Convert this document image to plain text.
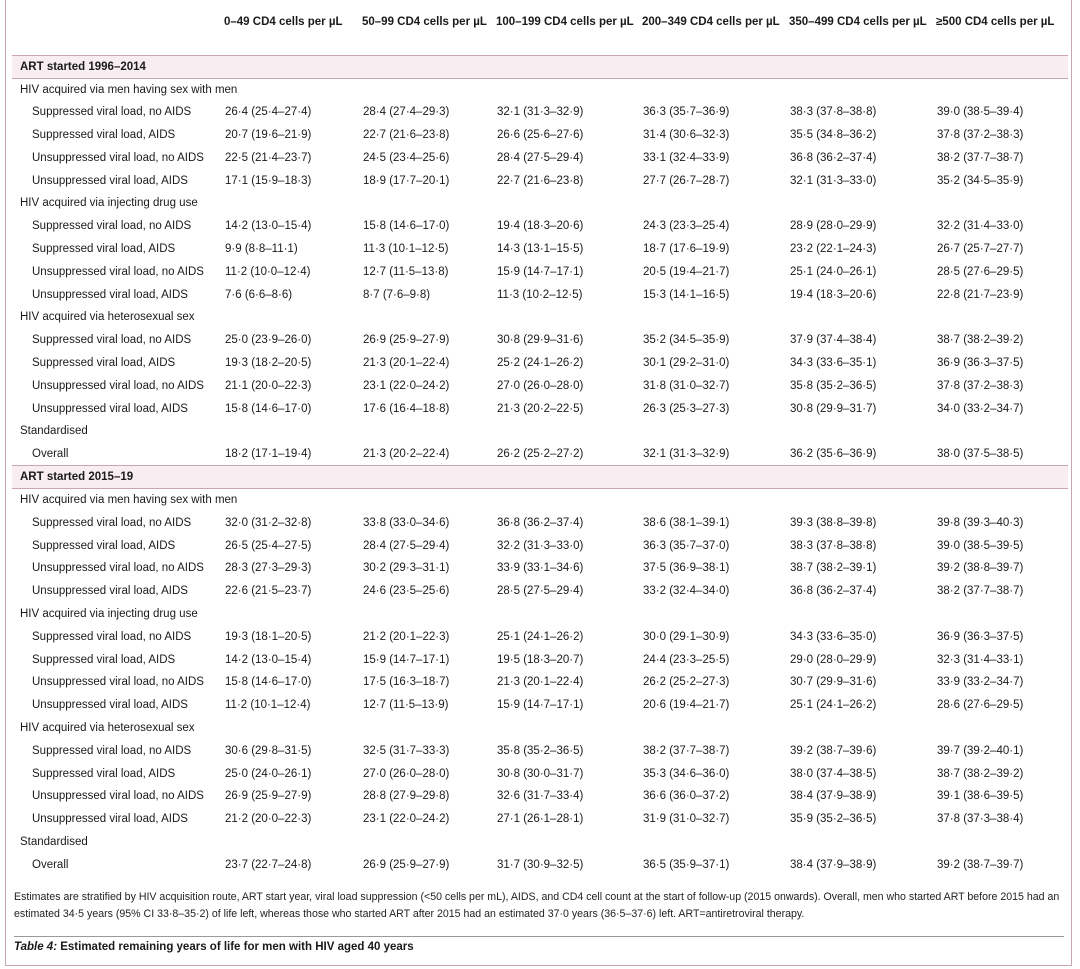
	0–49 CD4 cells per µL	50–99 CD4 cells per µL	100–199 CD4 cells per µL	200–349 CD4 cells per µL	350–499 CD4 cells per µL	≥500 CD4 cells per µL
ART started 1996–2014						
HIV acquired via men having sex with men						
Suppressed viral load, no AIDS	26·4 (25·4–27·4)	28·4 (27·4–29·3)	32·1 (31·3–32·9)	36·3 (35·7–36·9)	38·3 (37·8–38·8)	39·0 (38·5–39·4)
Suppressed viral load, AIDS	20·7 (19·6–21·9)	22·7 (21·6–23·8)	26·6 (25·6–27·6)	31·4 (30·6–32·3)	35·5 (34·8–36·2)	37·8 (37·2–38·3)
Unsuppressed viral load, no AIDS	22·5 (21·4–23·7)	24·5 (23·4–25·6)	28·4 (27·5–29·4)	33·1 (32·4–33·9)	36·8 (36·2–37·4)	38·2 (37·7–38·7)
Unsuppressed viral load, AIDS	17·1 (15·9–18·3)	18·9 (17·7–20·1)	22·7 (21·6–23·8)	27·7 (26·7–28·7)	32·1 (31·3–33·0)	35·2 (34·5–35·9)
HIV acquired via injecting drug use						
Suppressed viral load, no AIDS	14·2 (13·0–15·4)	15·8 (14·6–17·0)	19·4 (18·3–20·6)	24·3 (23·3–25·4)	28·9 (28·0–29·9)	32·2 (31·4–33·0)
Suppressed viral load, AIDS	9·9 (8·8–11·1)	11·3 (10·1–12·5)	14·3 (13·1–15·5)	18·7 (17·6–19·9)	23·2 (22·1–24·3)	26·7 (25·7–27·7)
Unsuppressed viral load, no AIDS	11·2 (10·0–12·4)	12·7 (11·5–13·8)	15·9 (14·7–17·1)	20·5 (19·4–21·7)	25·1 (24·0–26·1)	28·5 (27·6–29·5)
Unsuppressed viral load, AIDS	7·6 (6·6–8·6)	8·7 (7·6–9·8)	11·3 (10·2–12·5)	15·3 (14·1–16·5)	19·4 (18·3–20·6)	22·8 (21·7–23·9)
HIV acquired via heterosexual sex						
Suppressed viral load, no AIDS	25·0 (23·9–26·0)	26·9 (25·9–27·9)	30·8 (29·9–31·6)	35·2 (34·5–35·9)	37·9 (37·4–38·4)	38·7 (38·2–39·2)
Suppressed viral load, AIDS	19·3 (18·2–20·5)	21·3 (20·1–22·4)	25·2 (24·1–26·2)	30·1 (29·2–31·0)	34·3 (33·6–35·1)	36·9 (36·3–37·5)
Unsuppressed viral load, no AIDS	21·1 (20·0–22·3)	23·1 (22·0–24·2)	27·0 (26·0–28·0)	31·8 (31·0–32·7)	35·8 (35·2–36·5)	37·8 (37·2–38·3)
Unsuppressed viral load, AIDS	15·8 (14·6–17·0)	17·6 (16·4–18·8)	21·3 (20·2–22·5)	26·3 (25·3–27·3)	30·8 (29·9–31·7)	34·0 (33·2–34·7)
Standardised						
Overall	18·2 (17·1–19·4)	21·3 (20·2–22·4)	26·2 (25·2–27·2)	32·1 (31·3–32·9)	36·2 (35·6–36·9)	38·0 (37·5–38·5)
ART started 2015–19						
HIV acquired via men having sex with men						
Suppressed viral load, no AIDS	32·0 (31·2–32·8)	33·8 (33·0–34·6)	36·8 (36·2–37·4)	38·6 (38·1–39·1)	39·3 (38·8–39·8)	39·8 (39·3–40·3)
Suppressed viral load, AIDS	26·5 (25·4–27·5)	28·4 (27·5–29·4)	32·2 (31·3–33·0)	36·3 (35·7–37·0)	38·3 (37·8–38·8)	39·0 (38·5–39·5)
Unsuppressed viral load, no AIDS	28·3 (27·3–29·3)	30·2 (29·3–31·1)	33·9 (33·1–34·6)	37·5 (36·9–38·1)	38·7 (38·2–39·1)	39·2 (38·8–39·7)
Unsuppressed viral load, AIDS	22·6 (21·5–23·7)	24·6 (23·5–25·6)	28·5 (27·5–29·4)	33·2 (32·4–34·0)	36·8 (36·2–37·4)	38·2 (37·7–38·7)
HIV acquired via injecting drug use						
Suppressed viral load, no AIDS	19·3 (18·1–20·5)	21·2 (20·1–22·3)	25·1 (24·1–26·2)	30·0 (29·1–30·9)	34·3 (33·6–35·0)	36·9 (36·3–37·5)
Suppressed viral load, AIDS	14·2 (13·0–15·4)	15·9 (14·7–17·1)	19·5 (18·3–20·7)	24·4 (23·3–25·5)	29·0 (28·0–29·9)	32·3 (31·4–33·1)
Unsuppressed viral load, no AIDS	15·8 (14·6–17·0)	17·5 (16·3–18·7)	21·3 (20·1–22·4)	26·2 (25·2–27·3)	30·7 (29·9–31·6)	33·9 (33·2–34·7)
Unsuppressed viral load, AIDS	11·2 (10·1–12·4)	12·7 (11·5–13·9)	15·9 (14·7–17·1)	20·6 (19·4–21·7)	25·1 (24·1–26·2)	28·6 (27·6–29·5)
HIV acquired via heterosexual sex						
Suppressed viral load, no AIDS	30·6 (29·8–31·5)	32·5 (31·7–33·3)	35·8 (35·2–36·5)	38·2 (37·7–38·7)	39·2 (38·7–39·6)	39·7 (39·2–40·1)
Suppressed viral load, AIDS	25·0 (24·0–26·1)	27·0 (26·0–28·0)	30·8 (30·0–31·7)	35·3 (34·6–36·0)	38·0 (37·4–38·5)	38·7 (38·2–39·2)
Unsuppressed viral load, no AIDS	26·9 (25·9–27·9)	28·8 (27·9–29·8)	32·6 (31·7–33·4)	36·6 (36·0–37·2)	38·4 (37·9–38·9)	39·1 (38·6–39·5)
Unsuppressed viral load, AIDS	21·2 (20·0–22·3)	23·1 (22·0–24·2)	27·1 (26·1–28·1)	31·9 (31·0–32·7)	35·9 (35·2–36·5)	37·8 (37·3–38·4)
Standardised						
Overall	23·7 (22·7–24·8)	26·9 (25·9–27·9)	31·7 (30·9–32·5)	36·5 (35·9–37·1)	38·4 (37·9–38·9)	39·2 (38·7–39·7)
Estimates are stratified by HIV acquisition route, ART start year, viral load suppression (<50 cells per mL), AIDS, and CD4 cell count at the start of follow-up (2015 onwards). Overall, men who started ART before 2015 had an estimated 34·5 years (95% CI 33·8–35·2) of life left, whereas those who started ART after 2015 had an estimated 37·0 years (36·5–37·6) left. ART=antiretroviral therapy.
Table 4: Estimated remaining years of life for men with HIV aged 40 years
